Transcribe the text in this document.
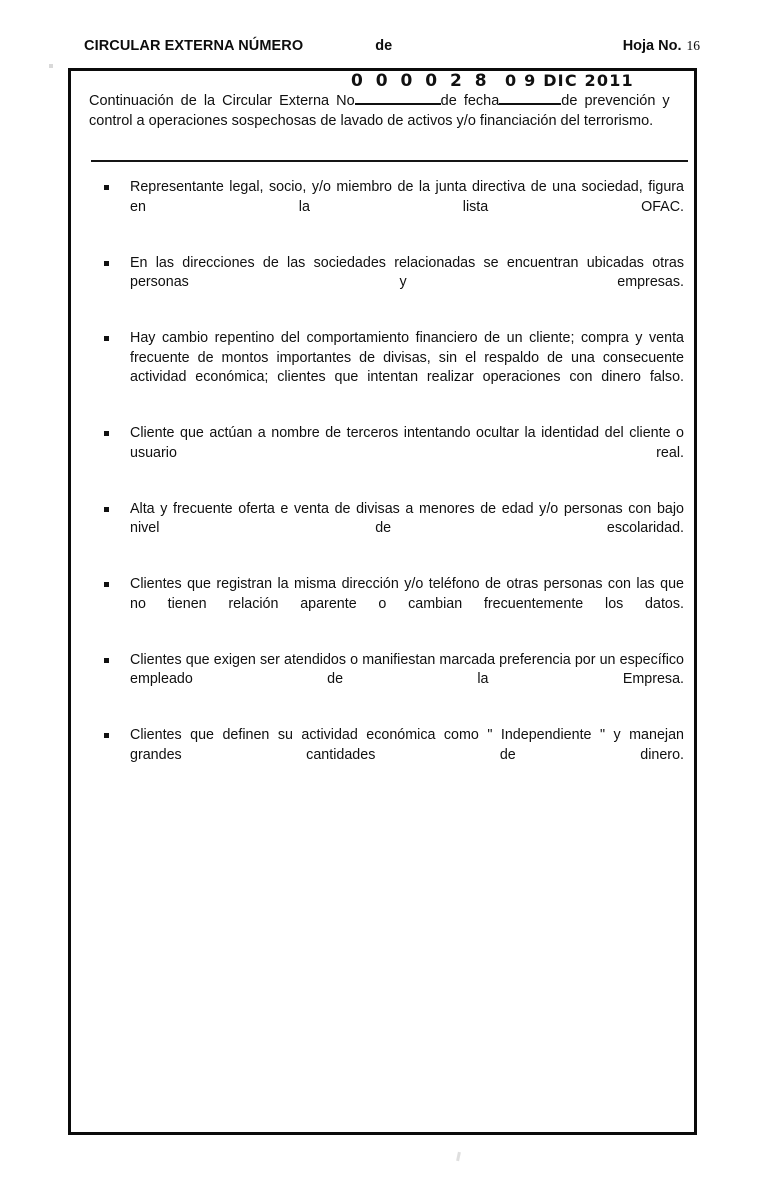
CIRCULAR EXTERNA NÚMERO	de	Hoja No. 16
0 0 0 0 2 8 0 9 DIC 2011
Continuación de la Circular Externa No	de fecha	de prevención y
control a operaciones sospechosas de lavado de activos y/o financiación del terrorismo.
Representante legal, socio, y/o miembro de la junta directiva de una sociedad, figura en la lista OFAC.
En las direcciones de las sociedades relacionadas se encuentran ubicadas otras personas y empresas.
Hay cambio repentino del comportamiento financiero de un cliente; compra y venta frecuente de montos importantes de divisas, sin el respaldo de una consecuente actividad económica; clientes que intentan realizar operaciones con dinero falso.
Cliente que actúan a nombre de terceros intentando ocultar la identidad del cliente o usuario real.
Alta y frecuente oferta e venta de divisas a menores de edad y/o personas con bajo nivel de escolaridad.
Clientes que registran la misma dirección y/o teléfono de otras personas con las que no tienen relación aparente o cambian frecuentemente los datos.
Clientes que exigen ser atendidos o manifiestan marcada preferencia por un específico empleado de la Empresa.
Clientes que definen su actividad económica como " Independiente " y manejan grandes cantidades de dinero.
